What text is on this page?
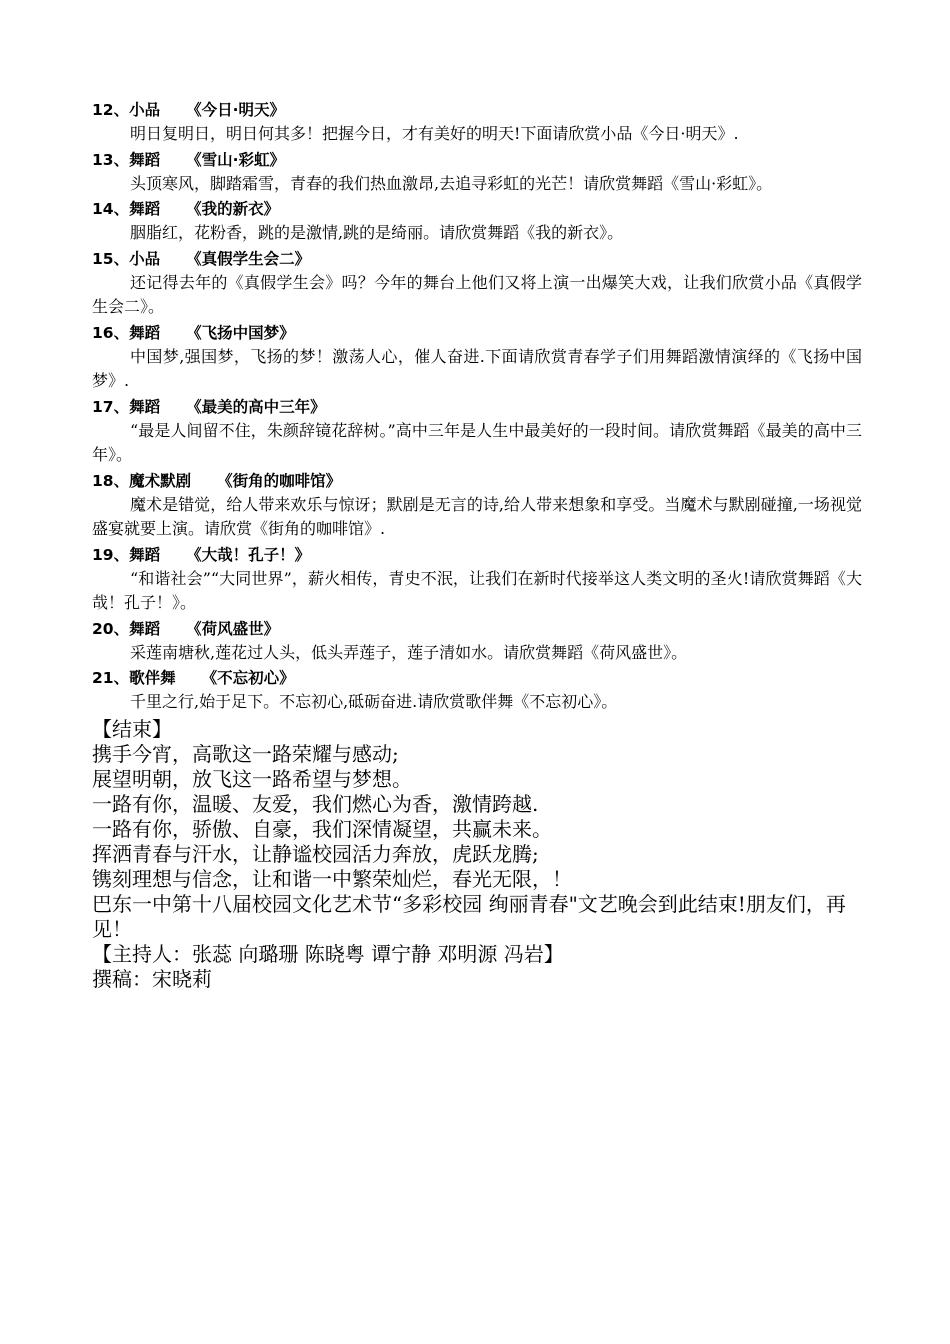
12、小品 《今日·明天》
明日复明日，明日何其多！把握今日，才有美好的明天!下面请欣赏小品《今日·明天》.
13、舞蹈 《雪山·彩虹》
头顶寒风，脚踏霜雪，青春的我们热血激昂,去追寻彩虹的光芒！请欣赏舞蹈《雪山·彩虹》。
14、舞蹈 《我的新衣》
胭脂红，花粉香，跳的是激情,跳的是绮丽。请欣赏舞蹈《我的新衣》。
15、小品 《真假学生会二》
还记得去年的《真假学生会》吗？今年的舞台上他们又将上演一出爆笑大戏，让我们欣赏小品《真假学生会二》。
16、舞蹈 《飞扬中国梦》
中国梦,强国梦，飞扬的梦！激荡人心，催人奋进.下面请欣赏青春学子们用舞蹈激情演绎的《飞扬中国梦》.
17、舞蹈 《最美的高中三年》
“最是人间留不住，朱颜辞镜花辞树。”高中三年是人生中最美好的一段时间。请欣赏舞蹈《最美的高中三年》。
18、魔术默剧 《街角的咖啡馆》
魔术是错觉，给人带来欢乐与惊讶；默剧是无言的诗,给人带来想象和享受。当魔术与默剧碰撞,一场视觉盛宴就要上演。请欣赏《街角的咖啡馆》.
19、舞蹈 《大哉！孔子！》
“和谐社会”“大同世界”，薪火相传，青史不泯，让我们在新时代接举这人类文明的圣火!请欣赏舞蹈《大哉！孔子！》。
20、舞蹈 《荷风盛世》
采莲南塘秋,莲花过人头，低头弄莲子，莲子清如水。请欣赏舞蹈《荷风盛世》。
21、歌伴舞 《不忘初心》
千里之行,始于足下。不忘初心,砥砺奋进.请欣赏歌伴舞《不忘初心》。
【结束】
携手今宵，高歌这一路荣耀与感动;
展望明朝，放飞这一路希望与梦想。
一路有你，温暖、友爱，我们燃心为香，激情跨越.
一路有你，骄傲、自豪，我们深情凝望，共赢未来。
挥洒青春与汗水，让静谧校园活力奔放，虎跃龙腾;
镌刻理想与信念，让和谐一中繁荣灿烂，春光无限，！
巴东一中第十八届校园文化艺术节“多彩校园 绚丽青春"文艺晚会到此结束!朋友们，再见！
【主持人：张蕊 向璐珊 陈晓粤 谭宁静 邓明源 冯岩】
撰稿：宋晓莉
